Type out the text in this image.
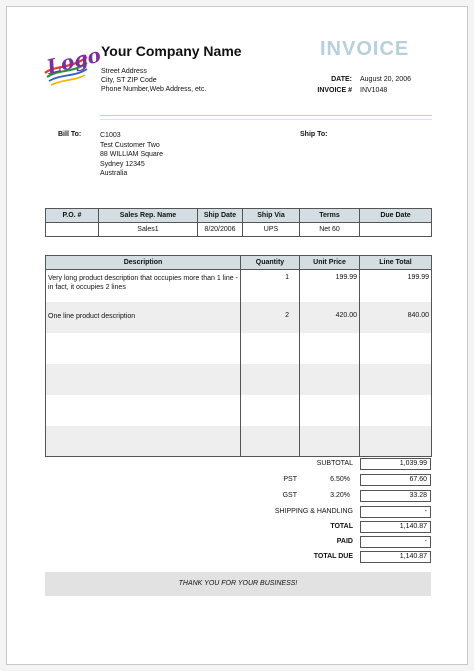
Logo
Your Company Name
Street Address
City, ST ZIP Code
Phone Number,Web Address, etc.
INVOICE
DATE: August 20, 2006
INVOICE # INV1048
Bill To:	C1003
Test Customer Two
88 WILLIAM Square
Sydney 12345
Australia
Ship To:
P.O. #	Sales Rep. Name	Ship Date	Ship Via	Terms	Due Date
	Sales1	8/20/2006	UPS	Net 60	
Description	Quantity	Unit Price	Line Total
Very long product description that occupies more than 1 line - in fact, it occupies 2 lines	1	199.99	199.99
One line product description	2	420.00	840.00

SUBTOTAL	1,039.99
PST	6.50%	67.60
GST	3.20%	33.28
SHIPPING & HANDLING	-
TOTAL	1,140.87
PAID	-
TOTAL DUE	1,140.87
THANK YOU FOR YOUR BUSINESS!
